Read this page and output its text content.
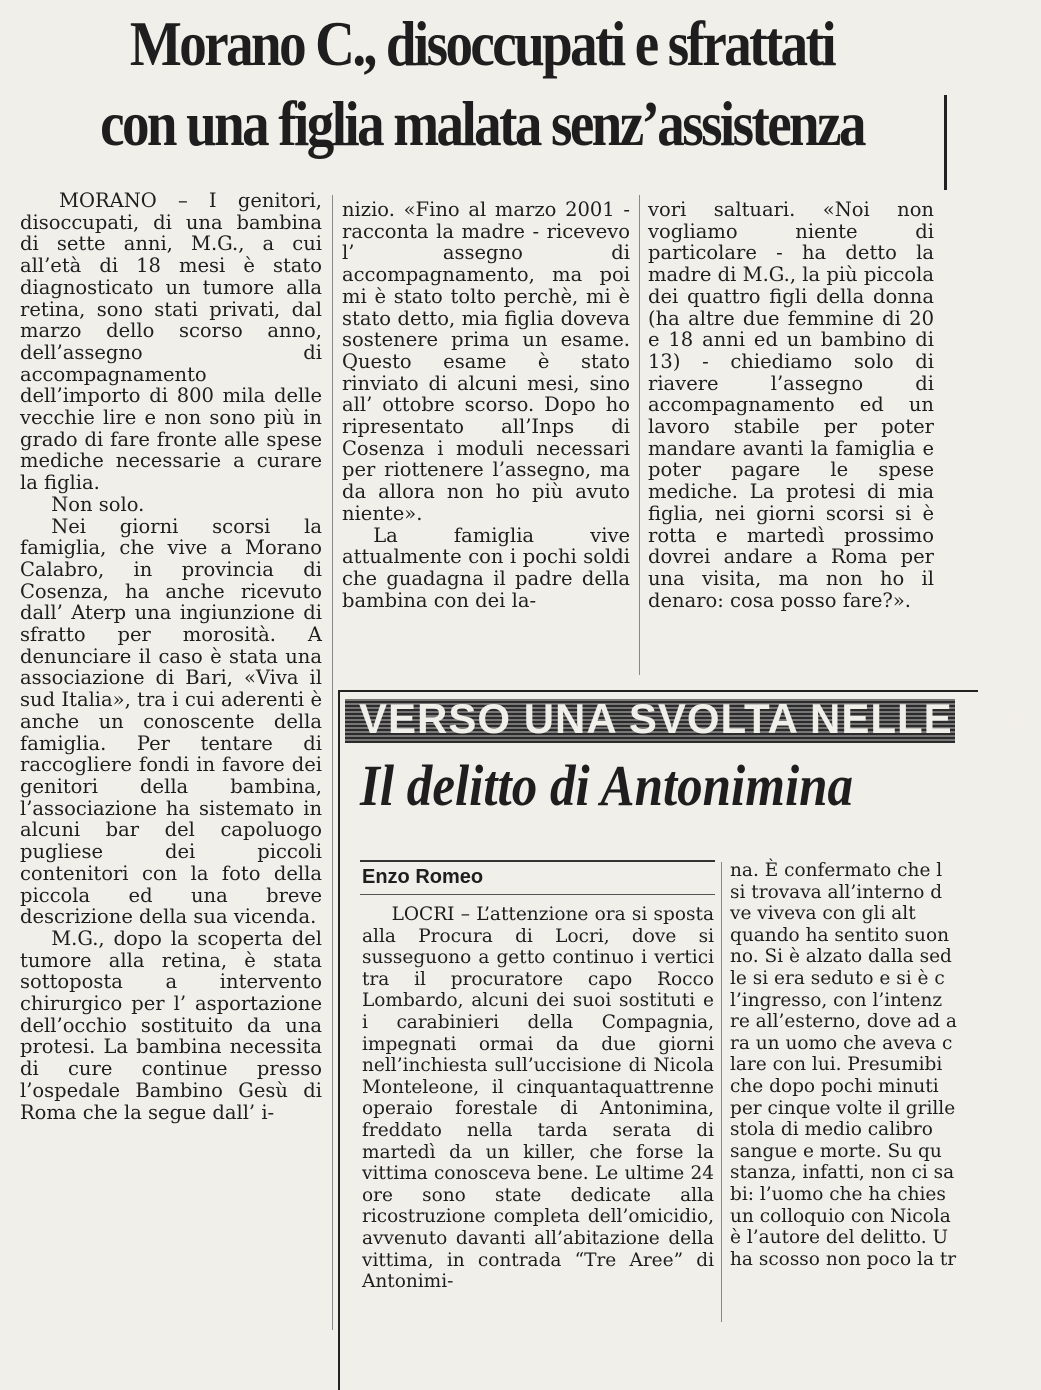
Morano C., disoccupati e sfrattati
con una figlia malata senz’assistenza

MORANO – I genitori, disoccupati, di una bambina di sette anni, M.G., a cui all’età di 18 mesi è stato diagnosticato un tumore alla retina, sono stati privati, dal marzo dello scorso anno, dell’assegno di accompagnamento dell’importo di 800 mila delle vecchie lire e non sono più in grado di fare fronte alle spese mediche necessarie a curare la figlia.

Non solo.

Nei giorni scorsi la famiglia, che vive a Morano Calabro, in provincia di Cosenza, ha anche ricevuto dall’ Aterp una ingiunzione di sfratto per morosità. A denunciare il caso è stata una associazione di Bari, «Viva il sud Italia», tra i cui aderenti è anche un conoscente della famiglia. Per tentare di raccogliere fondi in favore dei genitori della bambina, l’associazione ha sistemato in alcuni bar del capoluogo pugliese dei piccoli contenitori con la foto della piccola ed una breve descrizione della sua vicenda.

M.G., dopo la scoperta del tumore alla retina, è stata sottoposta a intervento chirurgico per l’ asportazione dell’occhio sostituito da una protesi. La bambina necessita di cure continue presso l’ospedale Bambino Gesù di Roma che la segue dall’ i-

nizio. «Fino al marzo 2001 - racconta la madre - ricevevo l’ assegno di accompagnamento, ma poi mi è stato tolto perchè, mi è stato detto, mia figlia doveva sostenere prima un esame. Questo esame è stato rinviato di alcuni mesi, sino all’ ottobre scorso. Dopo ho ripresentato all’Inps di Cosenza i moduli necessari per riottenere l’assegno, ma da allora non ho più avuto niente».

La famiglia vive attualmente con i pochi soldi che guadagna il padre della bambina con dei la-

vori saltuari. «Noi non vogliamo niente di particolare - ha detto la madre di M.G., la più piccola dei quattro figli della donna (ha altre due femmine di 20 e 18 anni ed un bambino di 13) - chiediamo solo di riavere l’assegno di accompagnamento ed un lavoro stabile per poter mandare avanti la famiglia e poter pagare le spese mediche. La protesi di mia figlia, nei giorni scorsi si è rotta e martedì prossimo dovrei andare a Roma per una visita, ma non ho il denaro: cosa posso fare?».

VERSO UNA SVOLTA NELLE IND
Il delitto di Antonimina
Enzo Romeo

LOCRI – L’attenzione ora si sposta alla Procura di Locri, dove si susseguono a getto continuo i vertici tra il procuratore capo Rocco Lombardo, alcuni dei suoi sostituti e i carabinieri della Compagnia, impegnati ormai da due giorni nell’inchiesta sull’uccisione di Nicola Monteleone, il cinquantaquattrenne operaio forestale di Antonimina, freddato nella tarda serata di martedì da un killer, che forse la vittima conosceva bene. Le ultime 24 ore sono state dedicate alla ricostruzione completa dell’omicidio, avvenuto davanti all’abitazione della vittima, in contrada “Tre Aree” di Antonimi-

na. È confermato che l
si trovava all’interno d
ve viveva con gli alt
quando ha sentito suon
no. Si è alzato dalla sed
le si era seduto e si è c
l’ingresso, con l’intenz
re all’esterno, dove ad a
ra un uomo che aveva c
lare con lui. Presumibi
che dopo pochi minuti
per cinque volte il grille
stola di medio calibro
sangue e morte. Su qu
stanza, infatti, non ci sa
bi: l’uomo che ha chies
un colloquio con Nicola
è l’autore del delitto. U
ha scosso non poco la tr
